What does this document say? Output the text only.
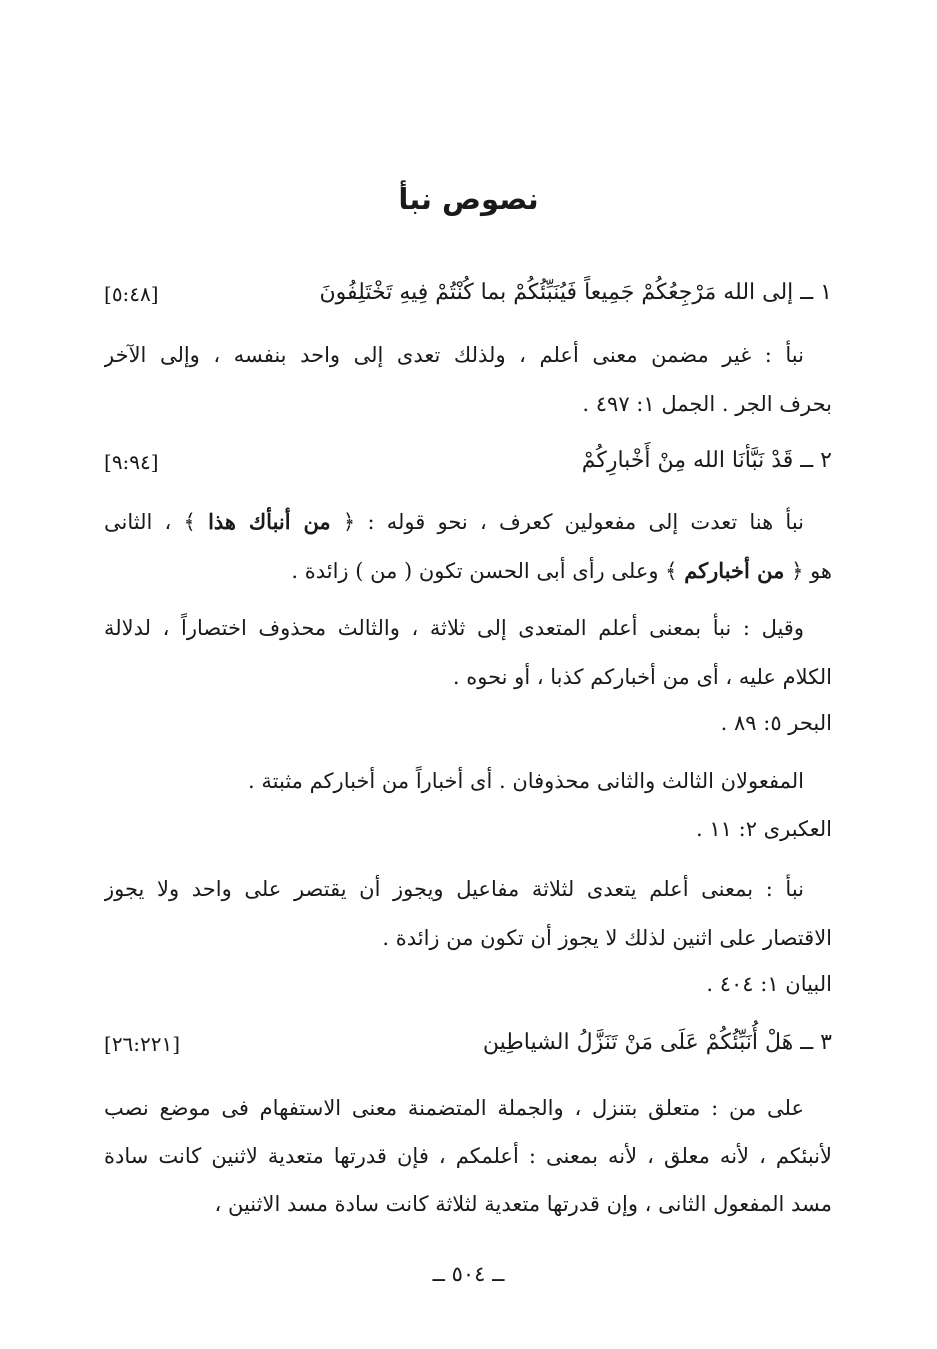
نصوص نبأ
١ ــ إلى الله مَرْجِعُكُمْ جَمِيعاً فَيُنَبِّئُكُمْ بما كُنْتُمْ فِيهِ تَخْتَلِفُونَ
[٥:٤٨]
نبأ : غير مضمن معنى أعلم ، ولذلك تعدى إلى واحد بنفسه ، وإلى الآخر
بحرف الجر . الجمل ١: ٤٩٧ .
٢ ــ قَدْ نَبَّأنَا الله مِنْ أَخْبارِكُمْ
[٩:٩٤]
نبأ هنا تعدت إلى مفعولين كعرف ، نحو قوله : ﴿ من أنبأك هذا ﴾ ، الثانى
هو ﴿ من أخباركم ﴾ وعلى رأى أبى الحسن تكون ( من ) زائدة .
وقيل : نبأ بمعنى أعلم المتعدى إلى ثلاثة ، والثالث محذوف اختصاراً ، لدلالة
الكلام عليه ، أى من أخباركم كذبا ، أو نحوه .
البحر ٥: ٨٩ .
المفعولان الثالث والثانى محذوفان . أى أخباراً من أخباركم مثبتة .
العكبرى ٢: ١١ .
نبأ : بمعنى أعلم يتعدى لثلاثة مفاعيل ويجوز أن يقتصر على واحد ولا يجوز
الاقتصار على اثنين لذلك لا يجوز أن تكون من زائدة .
البيان ١: ٤٠٤ .
٣ ــ هَلْ أُنَبِّئُكُمْ عَلَى مَنْ تَنَزَّلُ الشياطِين
[٢٦:٢٢١]
على من : متعلق بتنزل ، والجملة المتضمنة معنى الاستفهام فى موضع نصب
لأنبئكم ، لأنه معلق ، لأنه بمعنى : أعلمكم ، فإن قدرتها متعدية لاثنين كانت سادة
مسد المفعول الثانى ، وإن قدرتها متعدية لثلاثة كانت سادة مسد الاثنين ،
ــ ٥٠٤ ــ
